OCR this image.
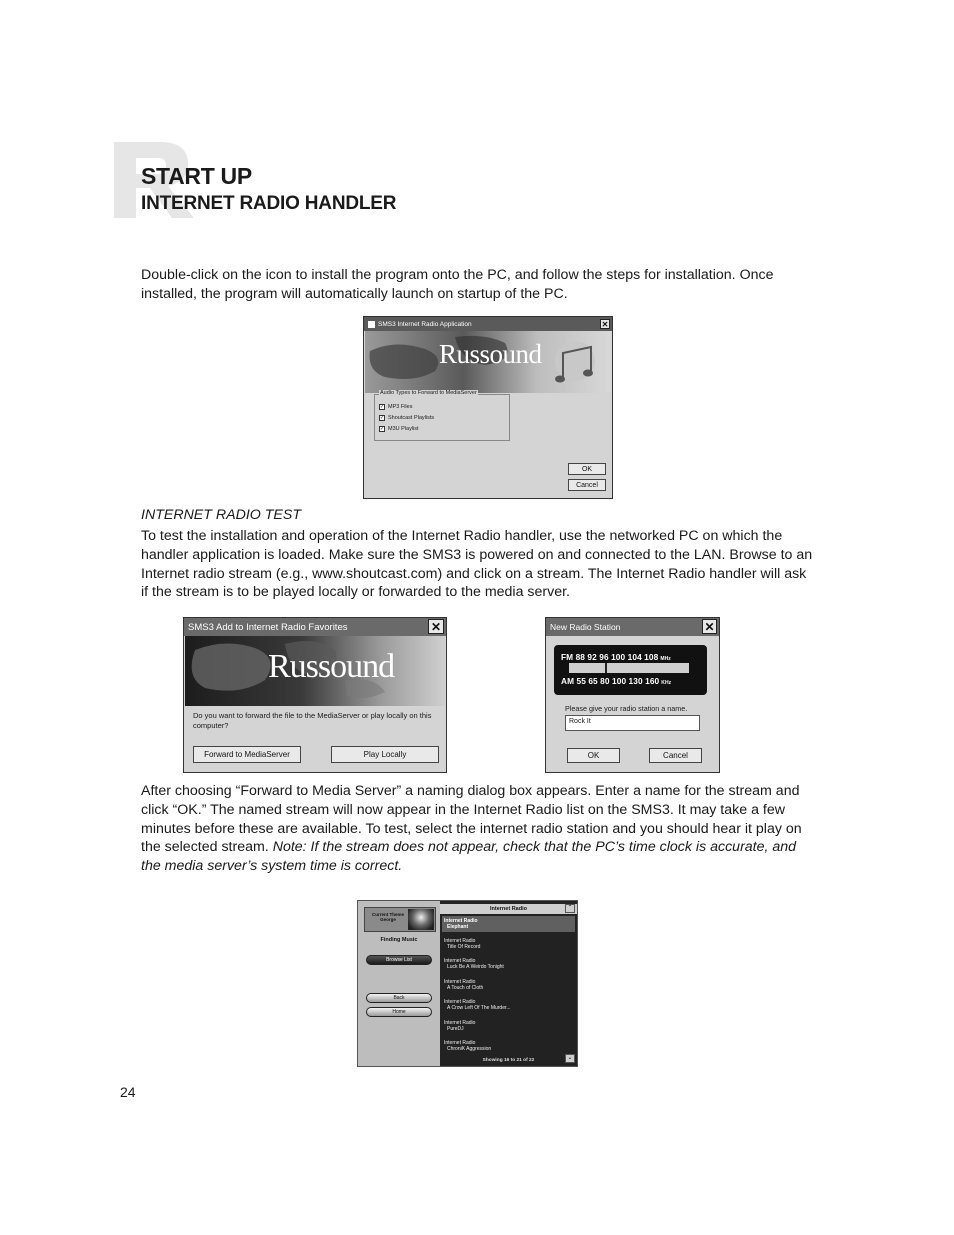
START UP
INTERNET RADIO HANDLER
Double-click on the icon to install the program onto the PC, and follow the steps for installation. Once installed, the program will automatically launch on startup of the PC.
SMS3 Internet Radio Application	✕
Russound
Audio Types to Forward to MediaServer
✓ MP3 Files
✓ Shoutcast Playlists
✓ M3U Playlist
OK
Cancel
INTERNET RADIO TEST
To test the installation and operation of the Internet Radio handler, use the networked PC on which the handler application is loaded. Make sure the SMS3 is powered on and connected to the LAN. Browse to an Internet radio stream (e.g., www.shoutcast.com) and click on a stream. The Internet Radio handler will ask if the stream is to be played locally or forwarded to the media server.
SMS3 Add to Internet Radio Favorites	✕
Russound
Do you want to forward the file to the MediaServer or play locally on this computer?
Forward to MediaServer	Play Locally
New Radio Station	✕
FM 88 92 96 100 104 108 MHz
AM 55 65 80 100 130 160 KHz
Please give your radio station a name.
Rock It
OK	Cancel
After choosing “Forward to Media Server” a naming dialog box appears. Enter a name for the stream and click “OK.” The named stream will now appear in the Internet Radio list on the SMS3. It may take a few minutes before these are available. To test, select the internet radio station and you should hear it play on the selected stream. Note: If the stream does not appear, check that the PC’s time clock is accurate, and the media server’s system time is correct.
Current Theme George
Finding Music
Browse List
Back
Home
Internet Radio	⌃
Internet Radio
Elephant
Internet Radio
Title Of Record
Internet Radio
Luck Be A Weirdo Tonight
Internet Radio
A Touch of Cloth
Internet Radio
A Crow Left Of The Murder...
Internet Radio
PureDJ
Internet Radio
ChroniK Aggression
Showing 16 to 21 of 22	⌄
24
